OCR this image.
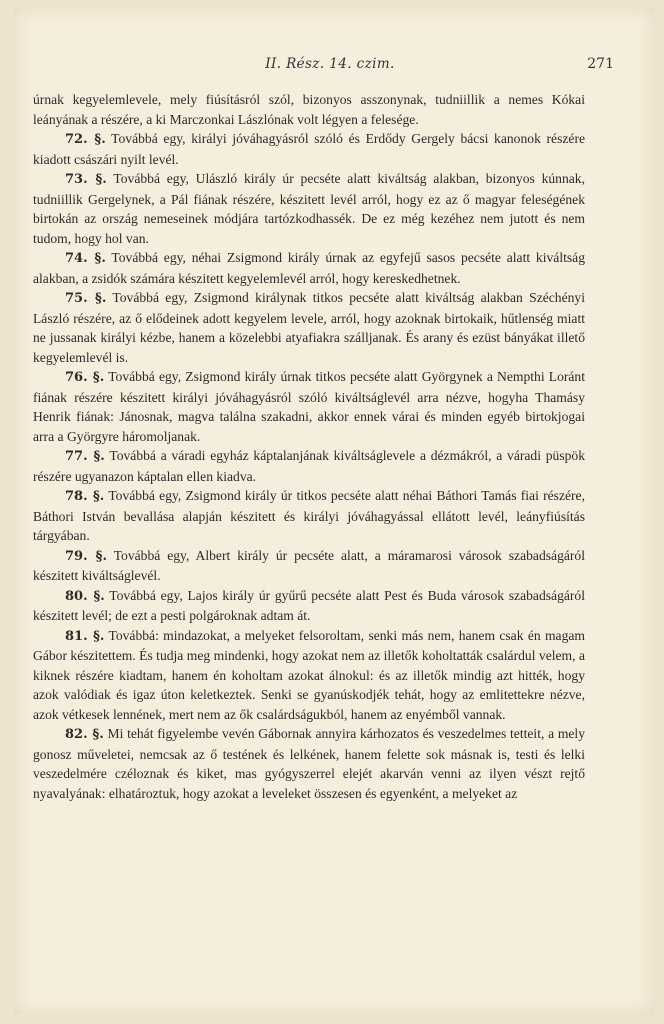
II. Rész. 14. czim.	271

úrnak kegyelemlevele, mely fiúsításról szól, bizonyos asszonynak, tudniillik a nemes Kókai leányának a részére, a ki Marczonkai Lászlónak volt légyen a felesége.

72. §. Továbbá egy, királyi jóváhagyásról szóló és Erdődy Gergely bácsi kanonok részére kiadott császári nyilt levél.

73. §. Továbbá egy, Ulászló király úr pecséte alatt kiváltság alakban, bizonyos kúnnak, tudniillik Gergelynek, a Pál fiának részére, készitett levél arról, hogy ez az ő magyar feleségének birtokán az ország nemeseinek módjára tartózkodhassék. De ez még kezéhez nem jutott és nem tudom, hogy hol van.

74. §. Továbbá egy, néhai Zsigmond király úrnak az egyfejű sasos pecséte alatt kiváltság alakban, a zsidók számára készitett kegyelemlevél arról, hogy kereskedhetnek.

75. §. Továbbá egy, Zsigmond királynak titkos pecséte alatt kiváltság alakban Széchényi László részére, az ő elődeinek adott kegyelem levele, arról, hogy azoknak birtokaik, hűtlenség miatt ne jussanak királyi kézbe, hanem a közelebbi atyafiakra szálljanak. És arany és ezüst bányákat illető kegyelemlevél is.

76. §. Továbbá egy, Zsigmond király úrnak titkos pecséte alatt Györgynek a Nempthi Loránt fiának részére készitett királyi jóváhagyásról szóló kiváltságlevél arra nézve, hogyha Thamásy Henrik fiának: Jánosnak, magva találna szakadni, akkor ennek várai és minden egyéb birtokjogai arra a Györgyre háromoljanak.

77. §. Továbbá a váradi egyház káptalanjának kiváltságlevele a dézmákról, a váradi püspök részére ugyanazon káptalan ellen kiadva.

78. §. Továbbá egy, Zsigmond király úr titkos pecséte alatt néhai Báthori Tamás fiai részére, Báthori István bevallása alapján készitett és királyi jóváhagyással ellátott levél, leányfiúsítás tárgyában.

79. §. Továbbá egy, Albert király úr pecséte alatt, a máramarosi városok szabadságáról készitett kiváltságlevél.

80. §. Továbbá egy, Lajos király úr gyűrű pecséte alatt Pest és Buda városok szabadságáról készitett levél; de ezt a pesti polgároknak adtam át.

81. §. Továbbá: mindazokat, a melyeket felsoroltam, senki más nem, hanem csak én magam Gábor készitettem. És tudja meg mindenki, hogy azokat nem az illetők koholtatták csalárdul velem, a kiknek részére kiadtam, hanem én koholtam azokat álnokul: és az illetők mindig azt hitték, hogy azok valódiak és igaz úton keletkeztek. Senki se gyanúskodjék tehát, hogy az emlitettekre nézve, azok vétkesek lennének, mert nem az ők csalárdságukból, hanem az enyémből vannak.

82. §. Mi tehát figyelembe vevén Gábornak annyira kárhozatos és veszedelmes tetteit, a mely gonosz műveletei, nemcsak az ő testének és lelkének, hanem felette sok másnak is, testi és lelki veszedelmére czéloznak és kiket, mas gyógyszerrel elejét akarván venni az ilyen vészt rejtő nyavalyának: elhatároztuk, hogy azokat a leveleket összesen és egyenként, a melyeket az
